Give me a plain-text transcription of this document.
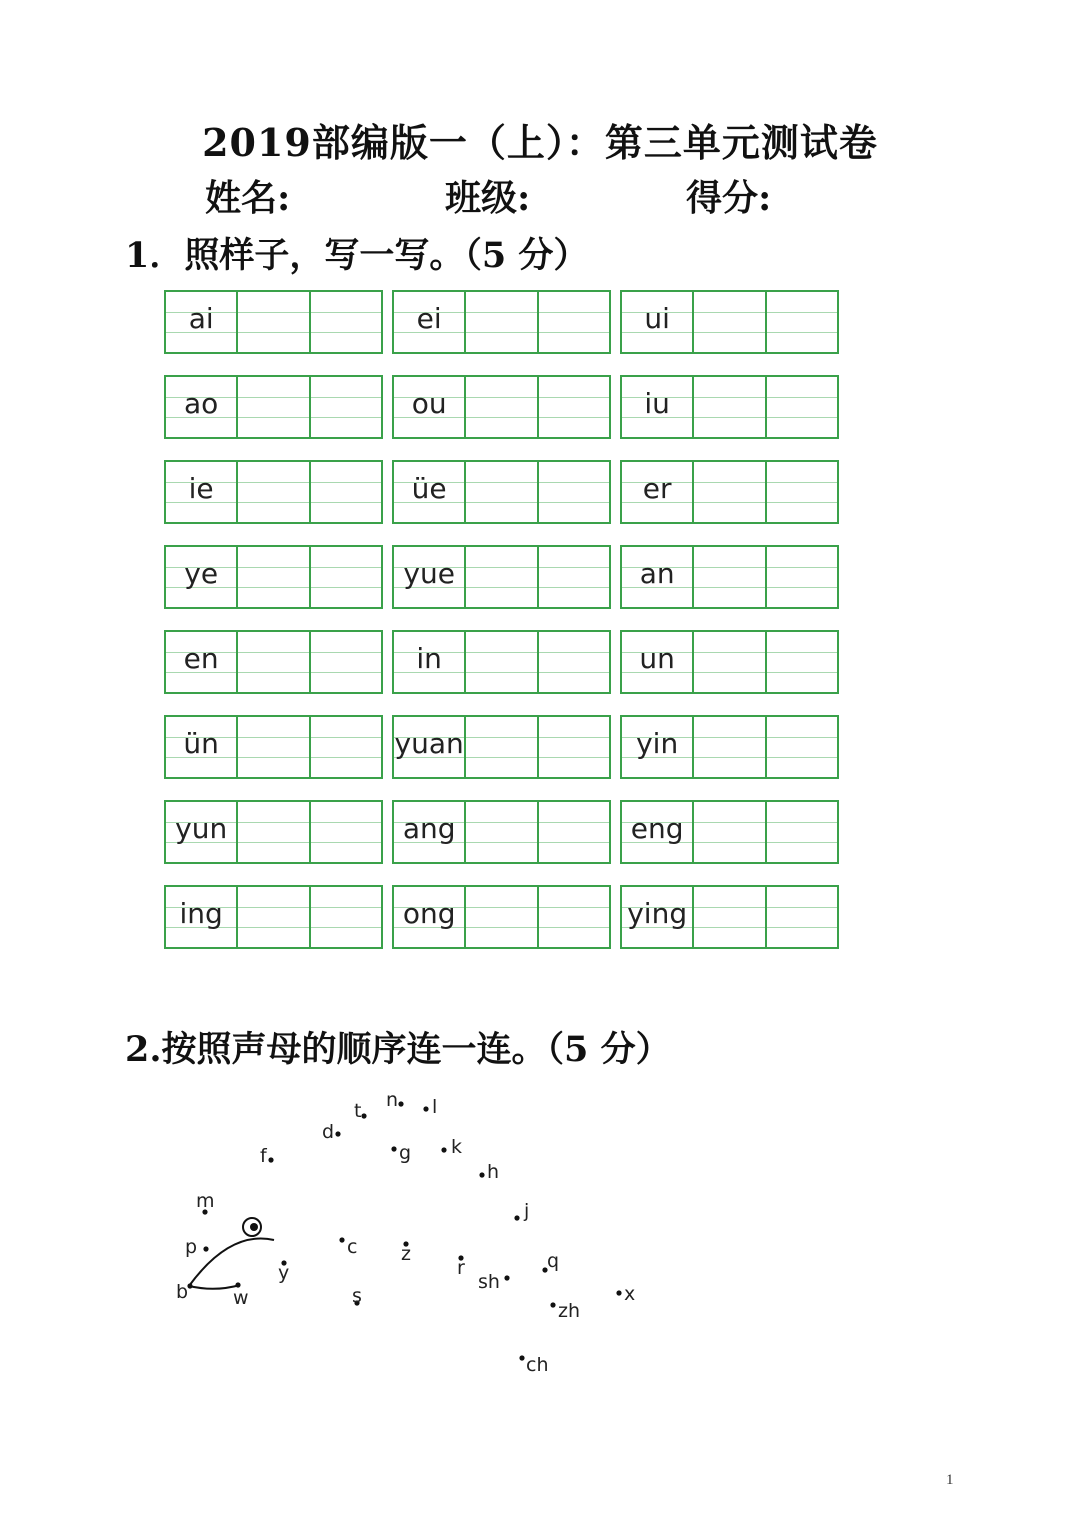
2019部编版一（上）：第三单元测试卷
姓名:	班级:	得分:
1．照样子，写一写。（5 分）
ai	ei	ui
ao	ou	iu
ie	üe	er
ye	yue	an
en	in	un
ün	yuan	yin
yun	ang	eng
ing	ong	ying
2.按照声母的顺序连一连。（5 分）
b
p
m
f
d
t n l
g k
h
j
q
x
zh
ch
sh
r
z
c
s
y
w
1
